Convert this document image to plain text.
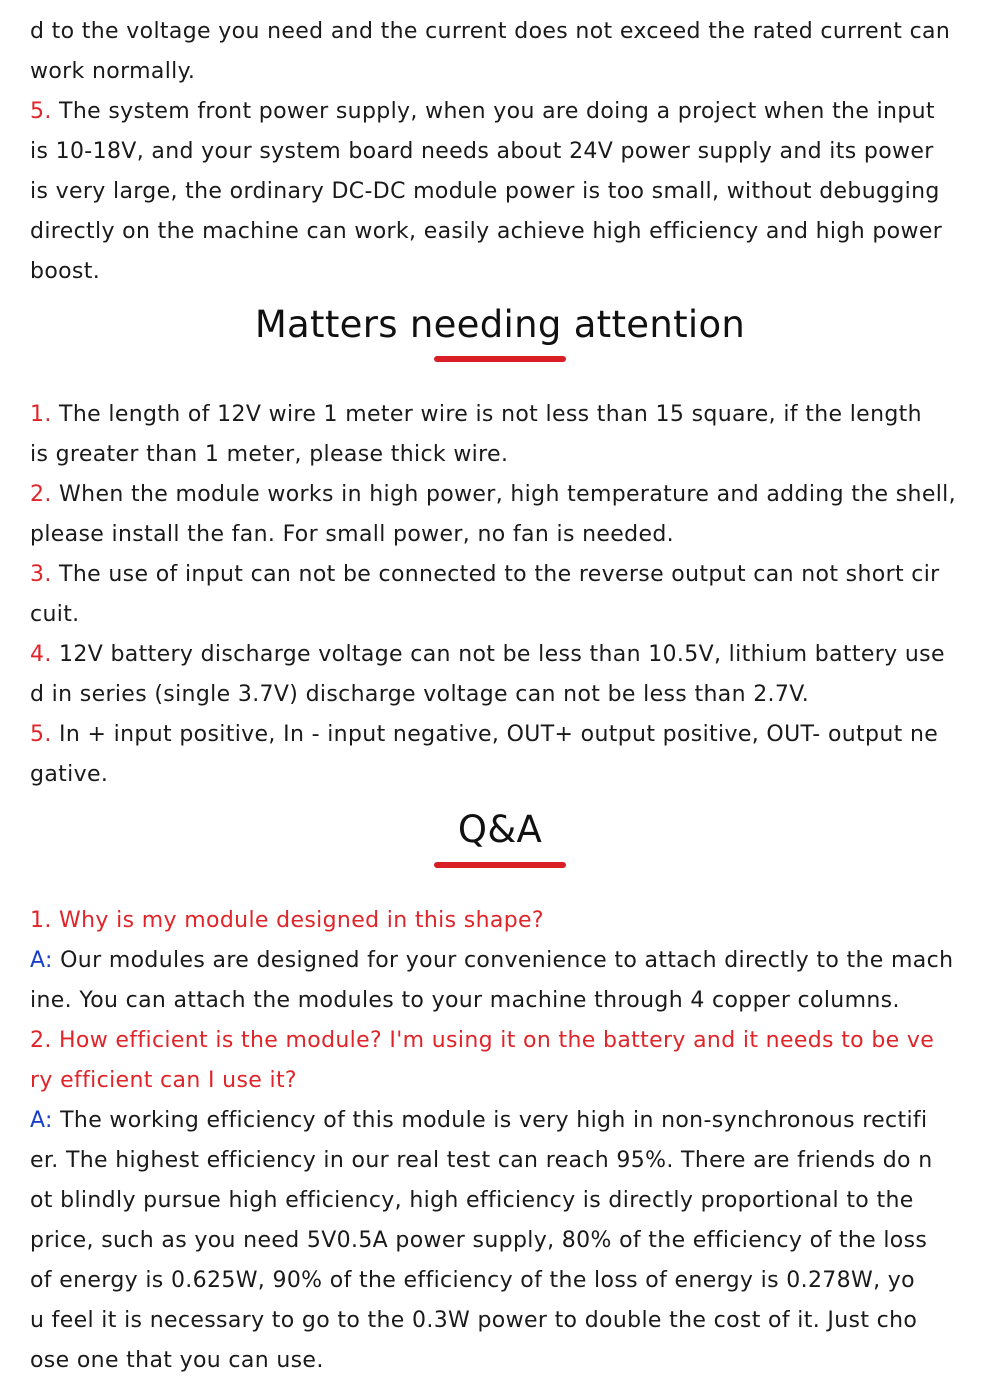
d to the voltage you need and the current does not exceed the rated current can
work normally.
5. The system front power supply, when you are doing a project when the input
is 10-18V, and your system board needs about 24V power supply and its power
is very large, the ordinary DC-DC module power is too small, without debugging
directly on the machine can work, easily achieve high efficiency and high power
boost.
Matters needing attention
1. The length of 12V wire 1 meter wire is not less than 15 square, if the length
is greater than 1 meter, please thick wire.
2. When the module works in high power, high temperature and adding the shell,
please install the fan. For small power, no fan is needed.
3. The use of input can not be connected to the reverse output can not short cir
cuit.
4. 12V battery discharge voltage can not be less than 10.5V, lithium battery use
d in series (single 3.7V) discharge voltage can not be less than 2.7V.
5. In + input positive, In - input negative, OUT+ output positive, OUT- output ne
gative.
Q&A
1. Why is my module designed in this shape?
A: Our modules are designed for your convenience to attach directly to the mach
ine. You can attach the modules to your machine through 4 copper columns.
2. How efficient is the module? I'm using it on the battery and it needs to be ve
ry efficient can I use it?
A: The working efficiency of this module is very high in non-synchronous rectifi
er. The highest efficiency in our real test can reach 95%. There are friends do n
ot blindly pursue high efficiency, high efficiency is directly proportional to the
price, such as you need 5V0.5A power supply, 80% of the efficiency of the loss
of energy is 0.625W, 90% of the efficiency of the loss of energy is 0.278W, yo
u feel it is necessary to go to the 0.3W power to double the cost of it. Just cho
ose one that you can use.
